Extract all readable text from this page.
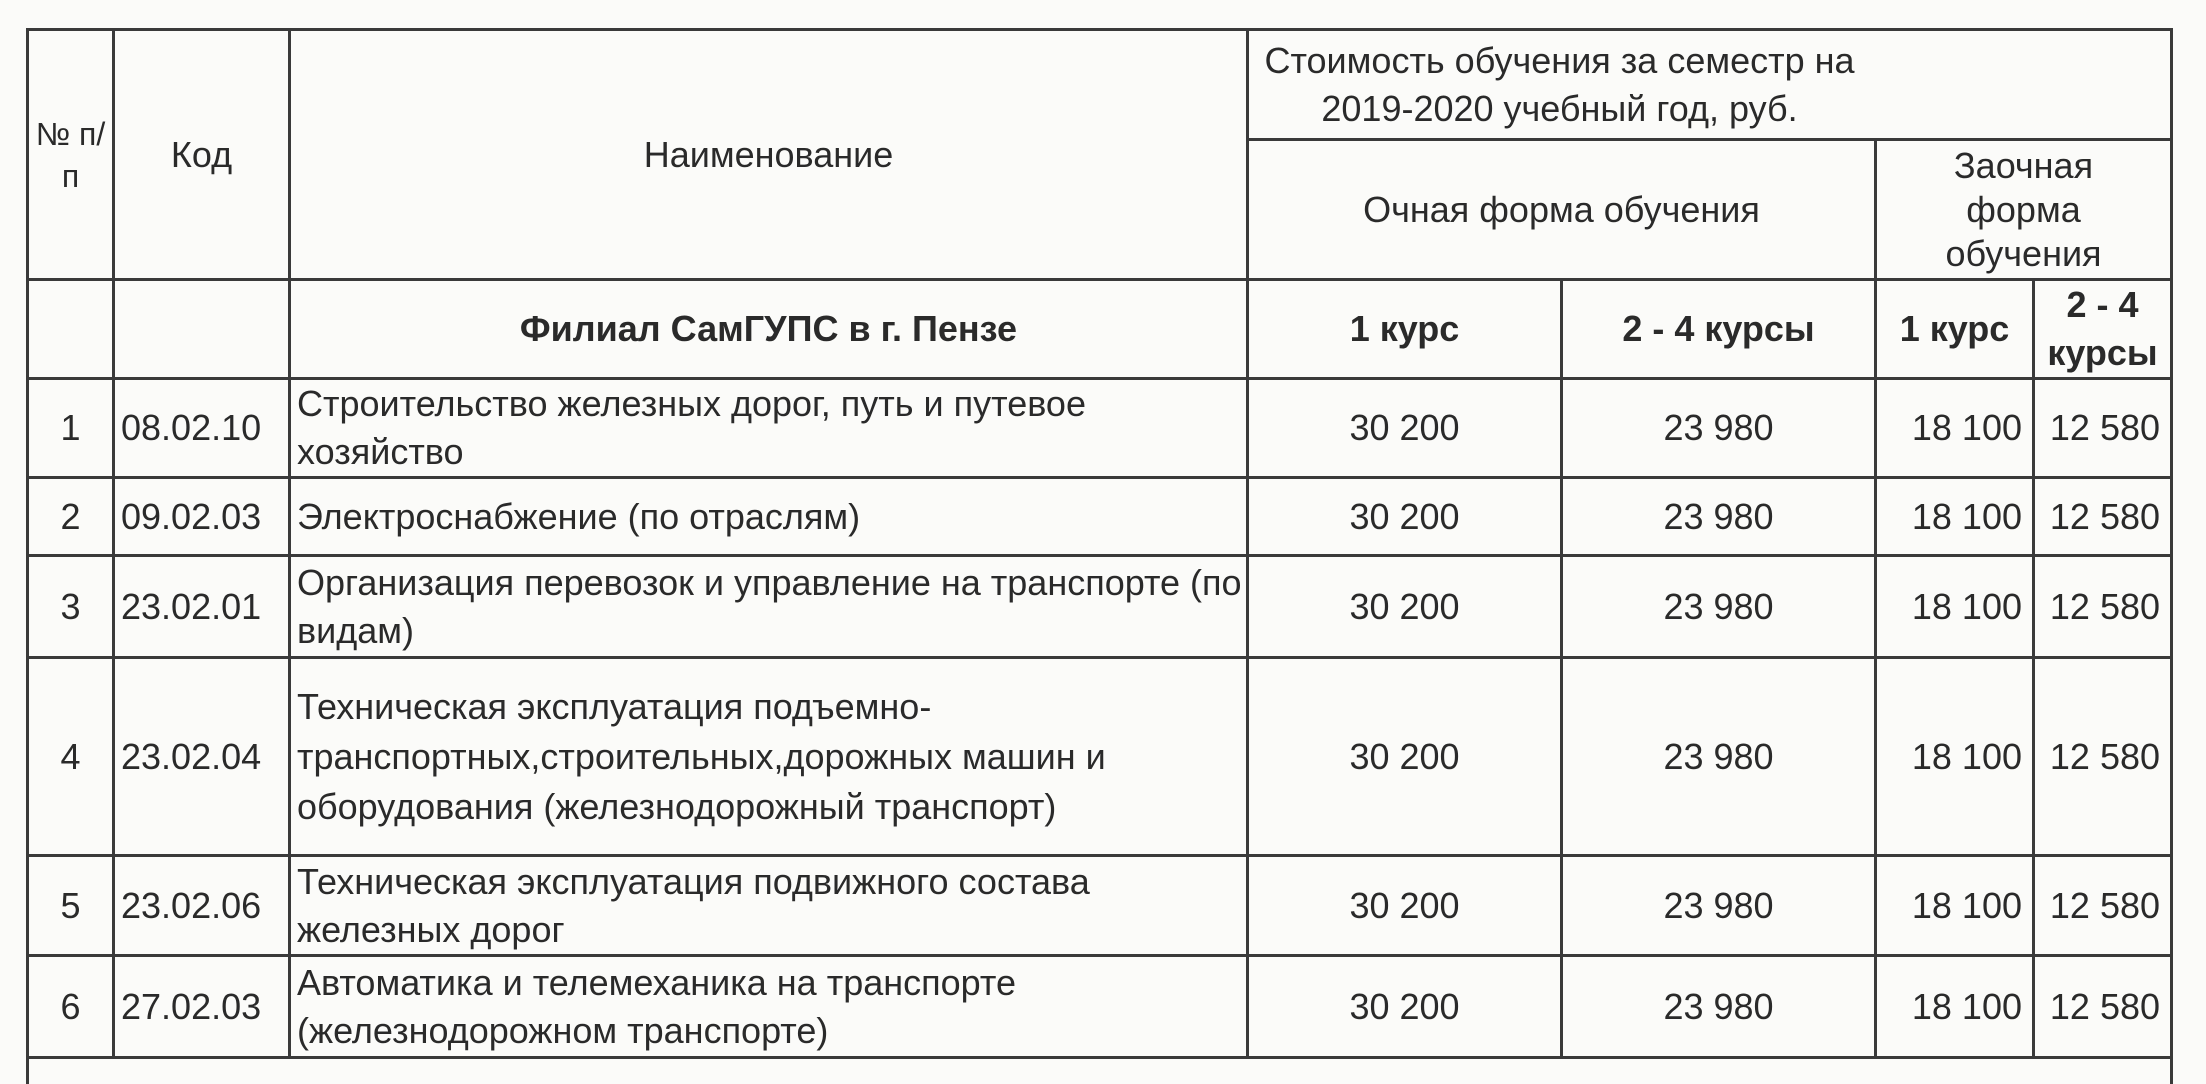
№ п/п	Код	Наименование	Стоимость обучения за семестр на 2019-2020 учебный год, руб.			
			Очная форма обучения		Заочная форма обучения	
		Филиал СамГУПС в г. Пензе	1 курс	2 - 4 курсы	1 курс	2 - 4 курсы
1	08.02.10	Строительство железных дорог, путь и путевое хозяйство	30 200	23 980	18 100	12 580
2	09.02.03	Электроснабжение (по отраслям)	30 200	23 980	18 100	12 580
3	23.02.01	Организация перевозок и управление на транспорте (по видам)	30 200	23 980	18 100	12 580
4	23.02.04	Техническая эксплуатация подъемно-транспортных,строительных,дорожных машин и оборудования (железнодорожный транспорт)	30 200	23 980	18 100	12 580
5	23.02.06	Техническая эксплуатация подвижного состава железных дорог	30 200	23 980	18 100	12 580
6	27.02.03	Автоматика и телемеханика на транспорте (железнодорожном транспорте)	30 200	23 980	18 100	12 580
